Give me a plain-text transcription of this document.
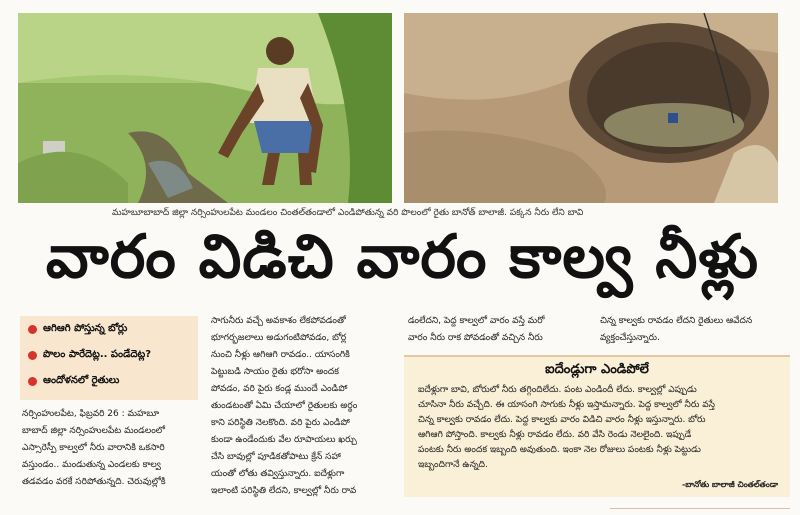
మహబూబాబాద్ జిల్లా నర్సింహులపేట మండలం చింతల్‌తండాలో ఎండిపోతున్న వరి పొలంలో రైతు బానోత్ బాలాజీ. పక్కన నీరు లేని బావి
వారం విడిచి వారం కాల్వ నీళ్లు
ఆగిఆగి పోస్తున్న బోర్లు
పొలం పారేదెట్ల.. పండేదెట్ల?
ఆందోళనలో రైతులు

నర్సింహులపేట, ఫిబ్రవరి 26 : మహబూ

బాబాద్ జిల్లా నర్సింహులపేట మండలంలో

ఎస్సారెస్పీ కాల్వలో నీరు వారానికి ఒకసారి

వస్తుండం.. మండుతున్న ఎండలకు కాల్వ

తడవడం వరకే సరిపోతున్నది. చెరువుల్లోకి

సాగునీరు వచ్చే అవకాశం లేకపోవడంతో

భూగర్భజలాలు అడుగంటిపోవడం, బోర్ల

నుంచి నీళ్లు ఆగిఆగి రావడం.. యాసంగికి

పెట్టుబడి సాయం రైతు భరోసా అందక

పోవడం, వరి పైరు కండ్ల ముందే ఎండిపో

తుండటంతో ఏమి చేయాలో రైతులకు అర్థం

కాని పరిస్థితి నెలకొంది. వరి పైరు ఎండిపో

కుండా ఉండేందుకు వేల రూపాయలు ఖర్చు

చేసి బావుల్లో పూడికతోపాటు క్రేన్ సహా

యంతో లోతు తవ్విస్తున్నారు. ఐదేళ్లుగా

ఇలాంటి పరిస్థితి లేదని, కాల్వల్లో నీరు రావ

డంలేదని, పెద్ద కాల్వలో వారం వస్తే మరో

వారం నీరు రాక పోవడంతో వచ్చిన నీరు

చిన్న కాల్వకు రావడం లేదని రైతులు ఆవేదన

వ్యక్తంచేస్తున్నారు.

ఐదేండ్లుగా ఎండిపోలే

ఐదేళ్లుగా బావి, బోరులో నీరు తగ్గిందిలేదు. పంట ఎండిందీ లేదు. కాల్వల్లో ఎప్పుడు

చూసినా నీరు వచ్చేది. ఈ యాసంగి సాగుకు నీళ్లు ఇస్తామన్నారు. పెద్ద కాల్వలో నీరు వస్తే

చిన్న కాల్వకు రావడం లేదు. పెద్ద కాల్వకు వారం విడిచి వారం నీళ్లు ఇస్తున్నారు. బోరు

ఆగిఆగి పోస్తాంది. కాల్వకు నీళ్లు రావడం లేదు. వరి వేసి రెండు నెలలైంది. ఇప్పుడే

పంటకు నీరు అందక ఇబ్బంది అవుతుంది. ఇంకా నెల రోజులు పంటకు నీళ్లు పెట్టుడు

ఇబ్బందిగానే ఉన్నది.

-బానోతు బాలాజీ చింతల్‌తండా
